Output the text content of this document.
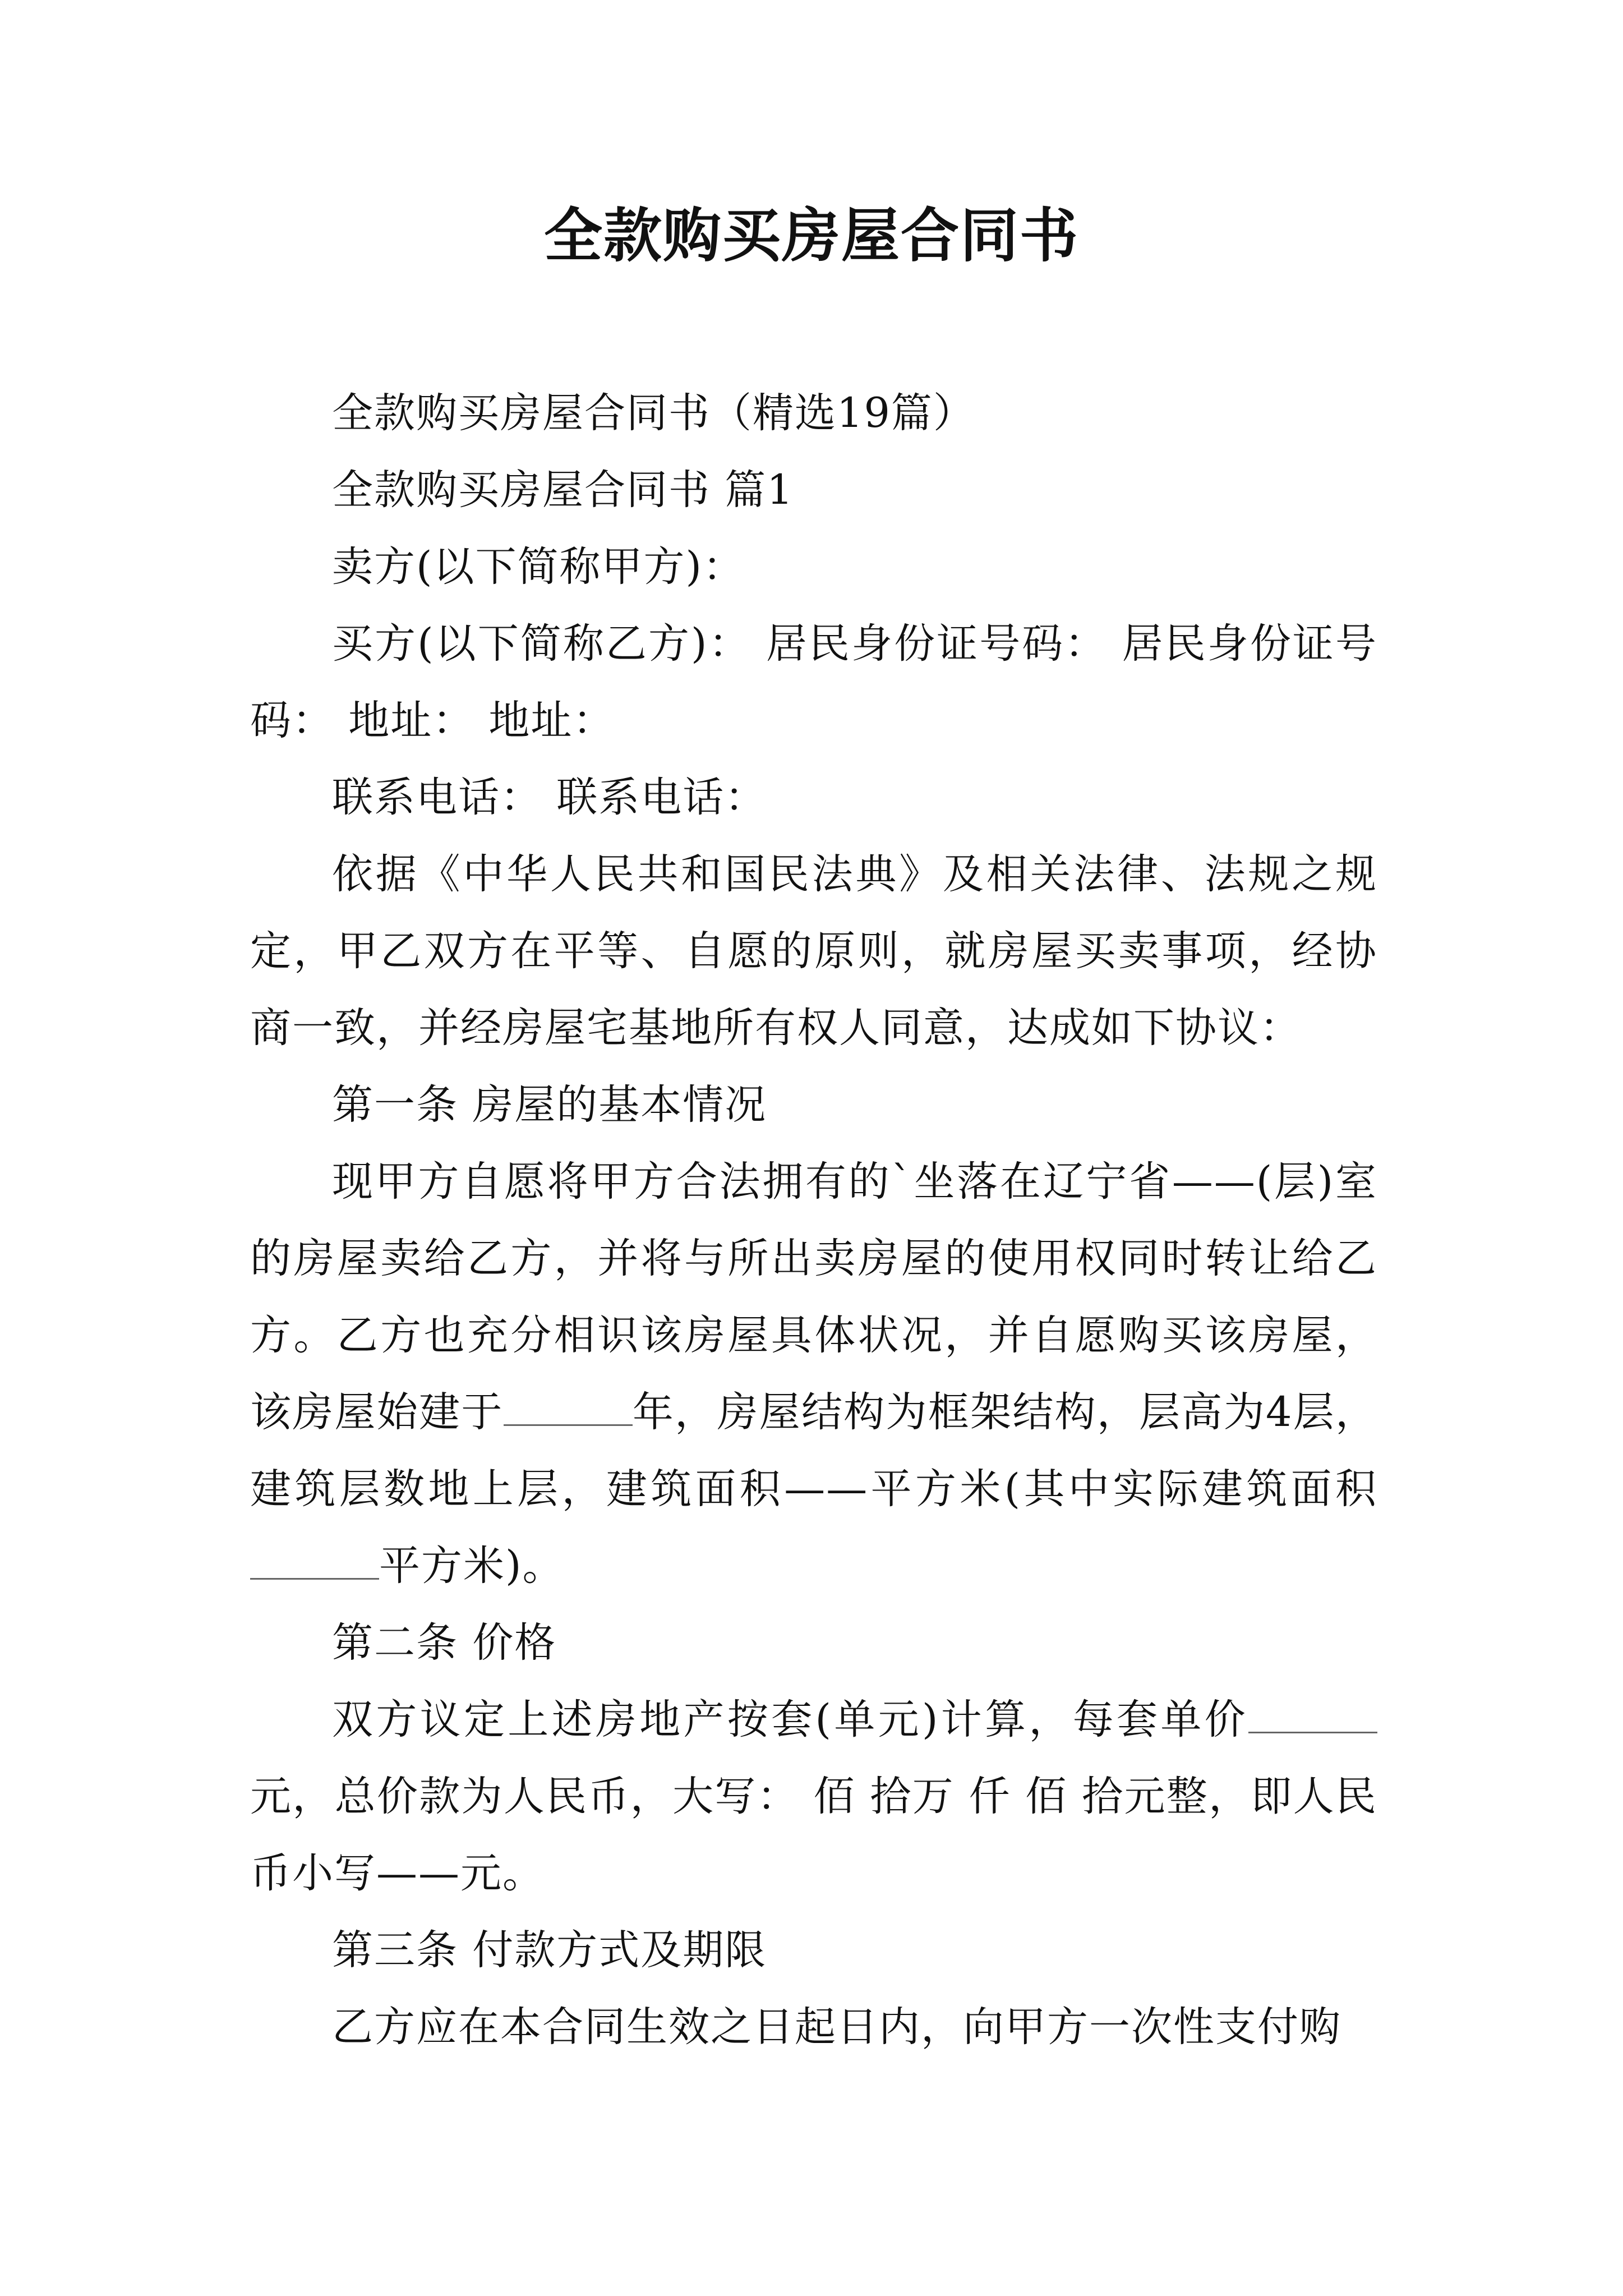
全款购买房屋合同书

全款购买房屋合同书（精选19篇）

全款购买房屋合同书 篇1

卖方(以下简称甲方)：

买方(以下简称乙方)： 居民身份证号码： 居民身份证号码： 地址： 地址：

联系电话： 联系电话：

依据《中华人民共和国民法典》及相关法律、法规之规定，甲乙双方在平等、自愿的原则，就房屋买卖事项，经协商一致，并经房屋宅基地所有权人同意，达成如下协议：

第一条 房屋的基本情况

现甲方自愿将甲方合法拥有的`坐落在辽宁省——(层)室的房屋卖给乙方，并将与所出卖房屋的使用权同时转让给乙方。乙方也充分相识该房屋具体状况，并自愿购买该房屋，该房屋始建于	年，房屋结构为框架结构，层高为4层，建筑层数地上层，建筑面积——平方米(其中实际建筑面积平方米)。

第二条 价格

双方议定上述房地产按套(单元)计算，每套单价元，总价款为人民币，大写： 佰 拾万 仟 佰 拾元整，即人民币小写——元。

第三条 付款方式及期限

乙方应在本合同生效之日起日内，向甲方一次性支付购
